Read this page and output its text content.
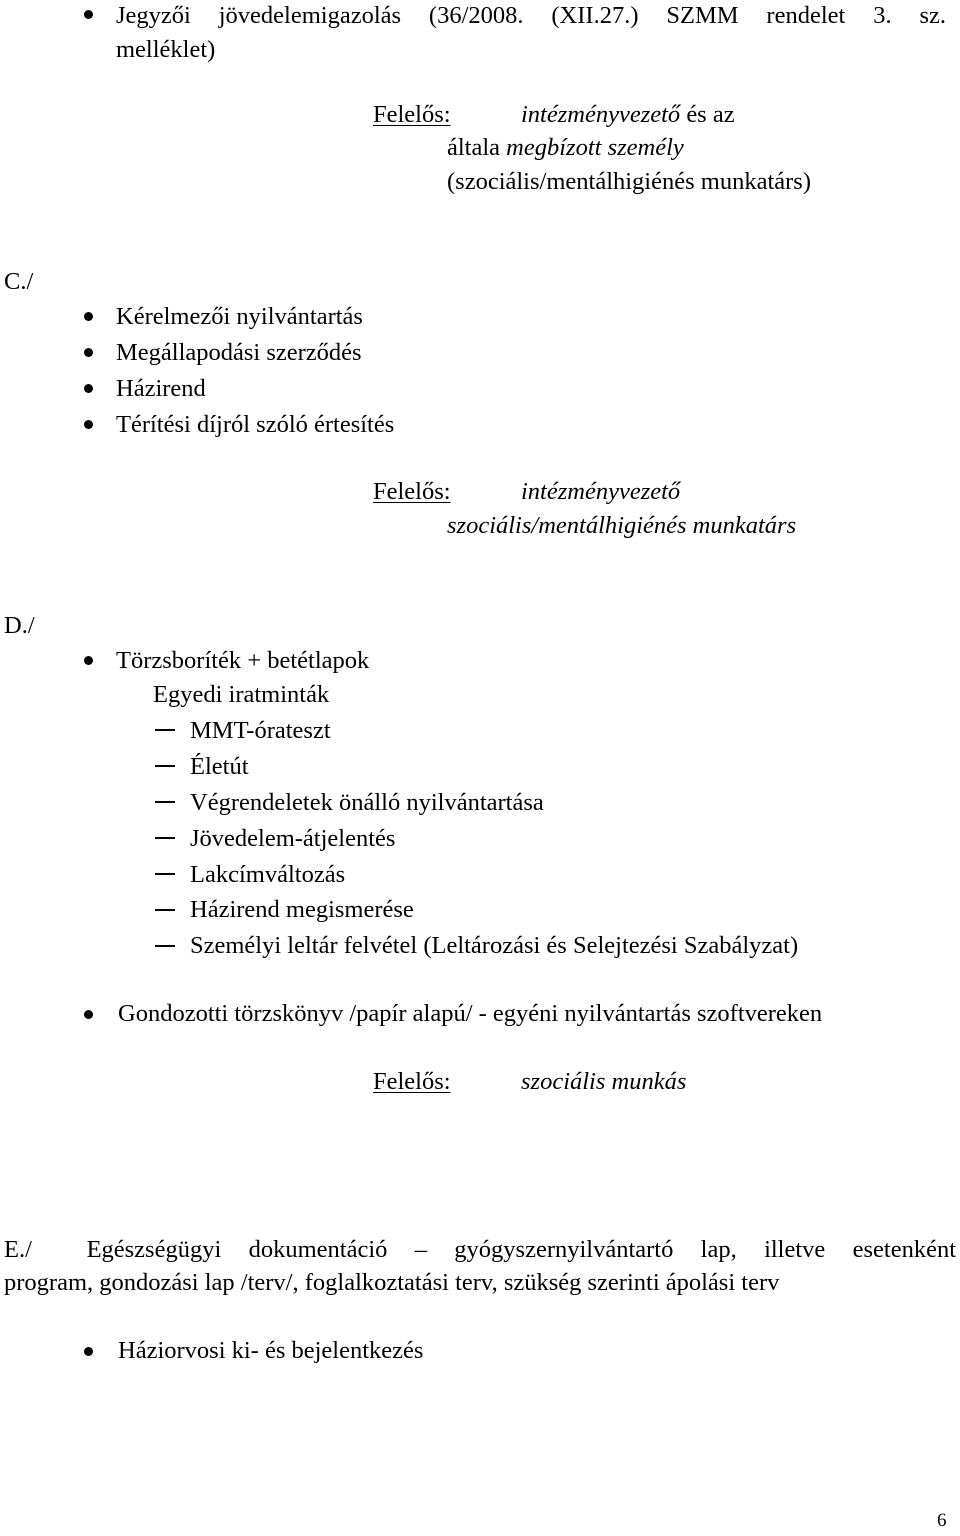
Jegyzői jövedelemigazolás (36/2008. (XII.27.) SZMM rendelet 3. sz.
melléklet)
Felelős:	intézményvezető és az
általa megbízott személy
(szociális/mentálhigiénés munkatárs)
C./
Kérelmezői nyilvántartás
Megállapodási szerződés
Házirend
Térítési díjról szóló értesítés
Felelős:	intézményvezető
szociális/mentálhigiénés munkatárs
D./
Törzsboríték + betétlapok
Egyedi iratminták
MMT-órateszt
Életút
Végrendeletek önálló nyilvántartása
Jövedelem-átjelentés
Lakcímváltozás
Házirend megismerése
Személyi leltár felvétel (Leltározási és Selejtezési Szabályzat)
Gondozotti törzskönyv /papír alapú/ - egyéni nyilvántartás szoftvereken
Felelős:	szociális munkás
E./ Egészségügyi dokumentáció – gyógyszernyilvántartó lap, illetve esetenként
program, gondozási lap /terv/, foglalkoztatási terv, szükség szerinti ápolási terv
Háziorvosi ki- és bejelentkezés
6
